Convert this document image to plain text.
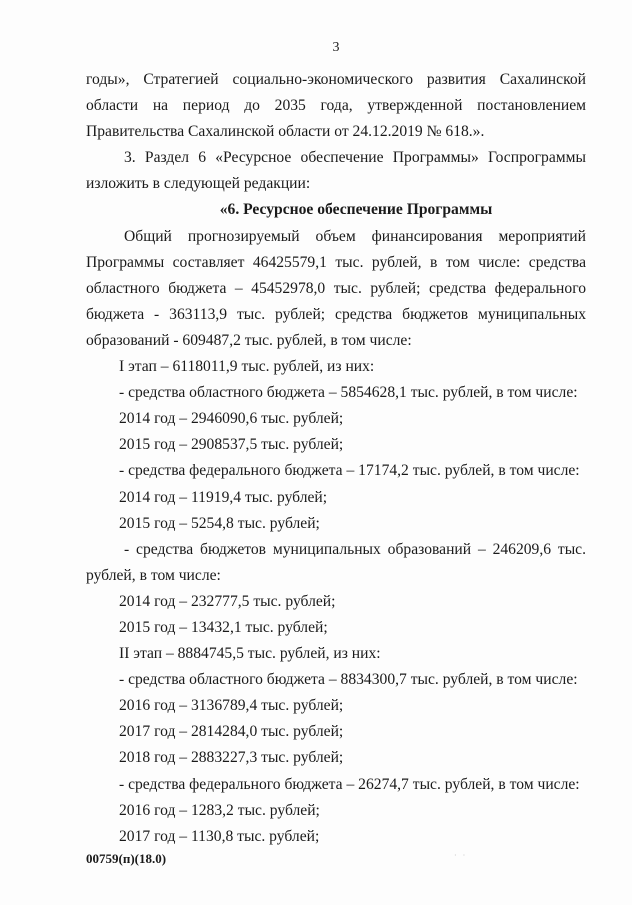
3

годы», Стратегией социально-экономического развития Сахалинской области на период до 2035 года, утвержденной постановлением Правительства Сахалинской области от 24.12.2019 № 618.».

3. Раздел 6 «Ресурсное обеспечение Программы» Госпрограммы изложить в следующей редакции:

«6. Ресурсное обеспечение Программы

Общий прогнозируемый объем финансирования мероприятий Программы составляет 46425579,1 тыс. рублей, в том числе: средства областного бюджета – 45452978,0 тыс. рублей; средства федерального бюджета - 363113,9 тыс. рублей; средства бюджетов муниципальных образований - 609487,2 тыс. рублей, в том числе:

I этап – 6118011,9 тыс. рублей, из них:

- средства областного бюджета – 5854628,1 тыс. рублей, в том числе:

2014 год – 2946090,6 тыс. рублей;

2015 год – 2908537,5 тыс. рублей;

- средства федерального бюджета – 17174,2 тыс. рублей, в том числе:

2014 год – 11919,4 тыс. рублей;

2015 год – 5254,8 тыс. рублей;

- средства бюджетов муниципальных образований – 246209,6 тыс. рублей, в том числе:

2014 год – 232777,5 тыс. рублей;

2015 год – 13432,1 тыс. рублей;

II этап – 8884745,5 тыс. рублей, из них:

- средства областного бюджета – 8834300,7 тыс. рублей, в том числе:

2016 год – 3136789,4 тыс. рублей;

2017 год – 2814284,0 тыс. рублей;

2018 год – 2883227,3 тыс. рублей;

- средства федерального бюджета – 26274,7 тыс. рублей, в том числе:

2016 год – 1283,2 тыс. рублей;

2017 год – 1130,8 тыс. рублей;

00759(п)(18.0)	·   ·
